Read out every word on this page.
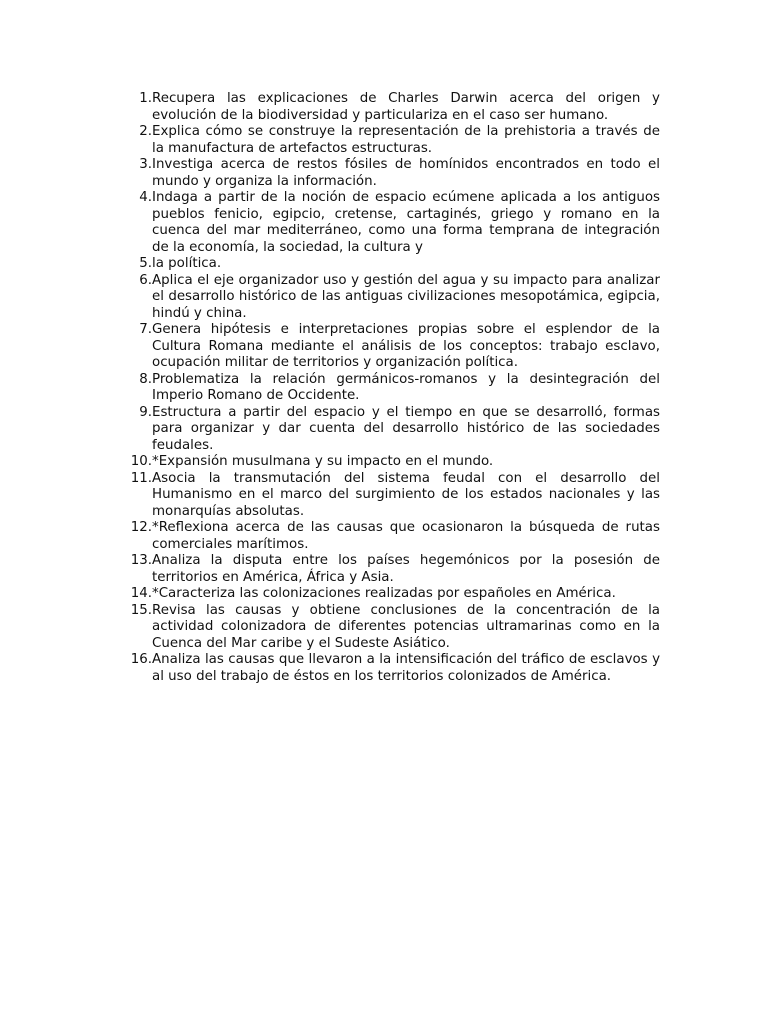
1. Recupera las explicaciones de Charles Darwin acerca del origen y evolución de la biodiversidad y particulariza en el caso ser humano.
2. Explica cómo se construye la representación de la prehistoria a través de la manufactura de artefactos estructuras.
3. Investiga acerca de restos fósiles de homínidos encontrados en todo el mundo y organiza la información.
4. Indaga a partir de la noción de espacio ecúmene aplicada a los antiguos pueblos fenicio, egipcio, cretense, cartaginés, griego y romano en la cuenca del mar mediterráneo, como una forma temprana de integración de la economía, la sociedad, la cultura y
5. la política.
6. Aplica el eje organizador uso y gestión del agua y su impacto para analizar el desarrollo histórico de las antiguas civilizaciones mesopotámica, egipcia, hindú y china.
7. Genera hipótesis e interpretaciones propias sobre el esplendor de la Cultura Romana mediante el análisis de los conceptos: trabajo esclavo, ocupación militar de territorios y organización política.
8. Problematiza la relación germánicos-romanos y la desintegración del Imperio Romano de Occidente.
9. Estructura a partir del espacio y el tiempo en que se desarrolló, formas para organizar y dar cuenta del desarrollo histórico de las sociedades feudales.
10. *Expansión musulmana y su impacto en el mundo.
11. Asocia la transmutación del sistema feudal con el desarrollo del Humanismo en el marco del surgimiento de los estados nacionales y las monarquías absolutas.
12. *Reflexiona acerca de las causas que ocasionaron la búsqueda de rutas comerciales marítimos.
13. Analiza la disputa entre los países hegemónicos por la posesión de territorios en América, África y Asia.
14. *Caracteriza las colonizaciones realizadas por españoles en América.
15. Revisa las causas y obtiene conclusiones de la concentración de la actividad colonizadora de diferentes potencias ultramarinas como en la Cuenca del Mar caribe y el Sudeste Asiático.
16. Analiza las causas que llevaron a la intensificación del tráfico de esclavos y al uso del trabajo de éstos en los territorios colonizados de América.
